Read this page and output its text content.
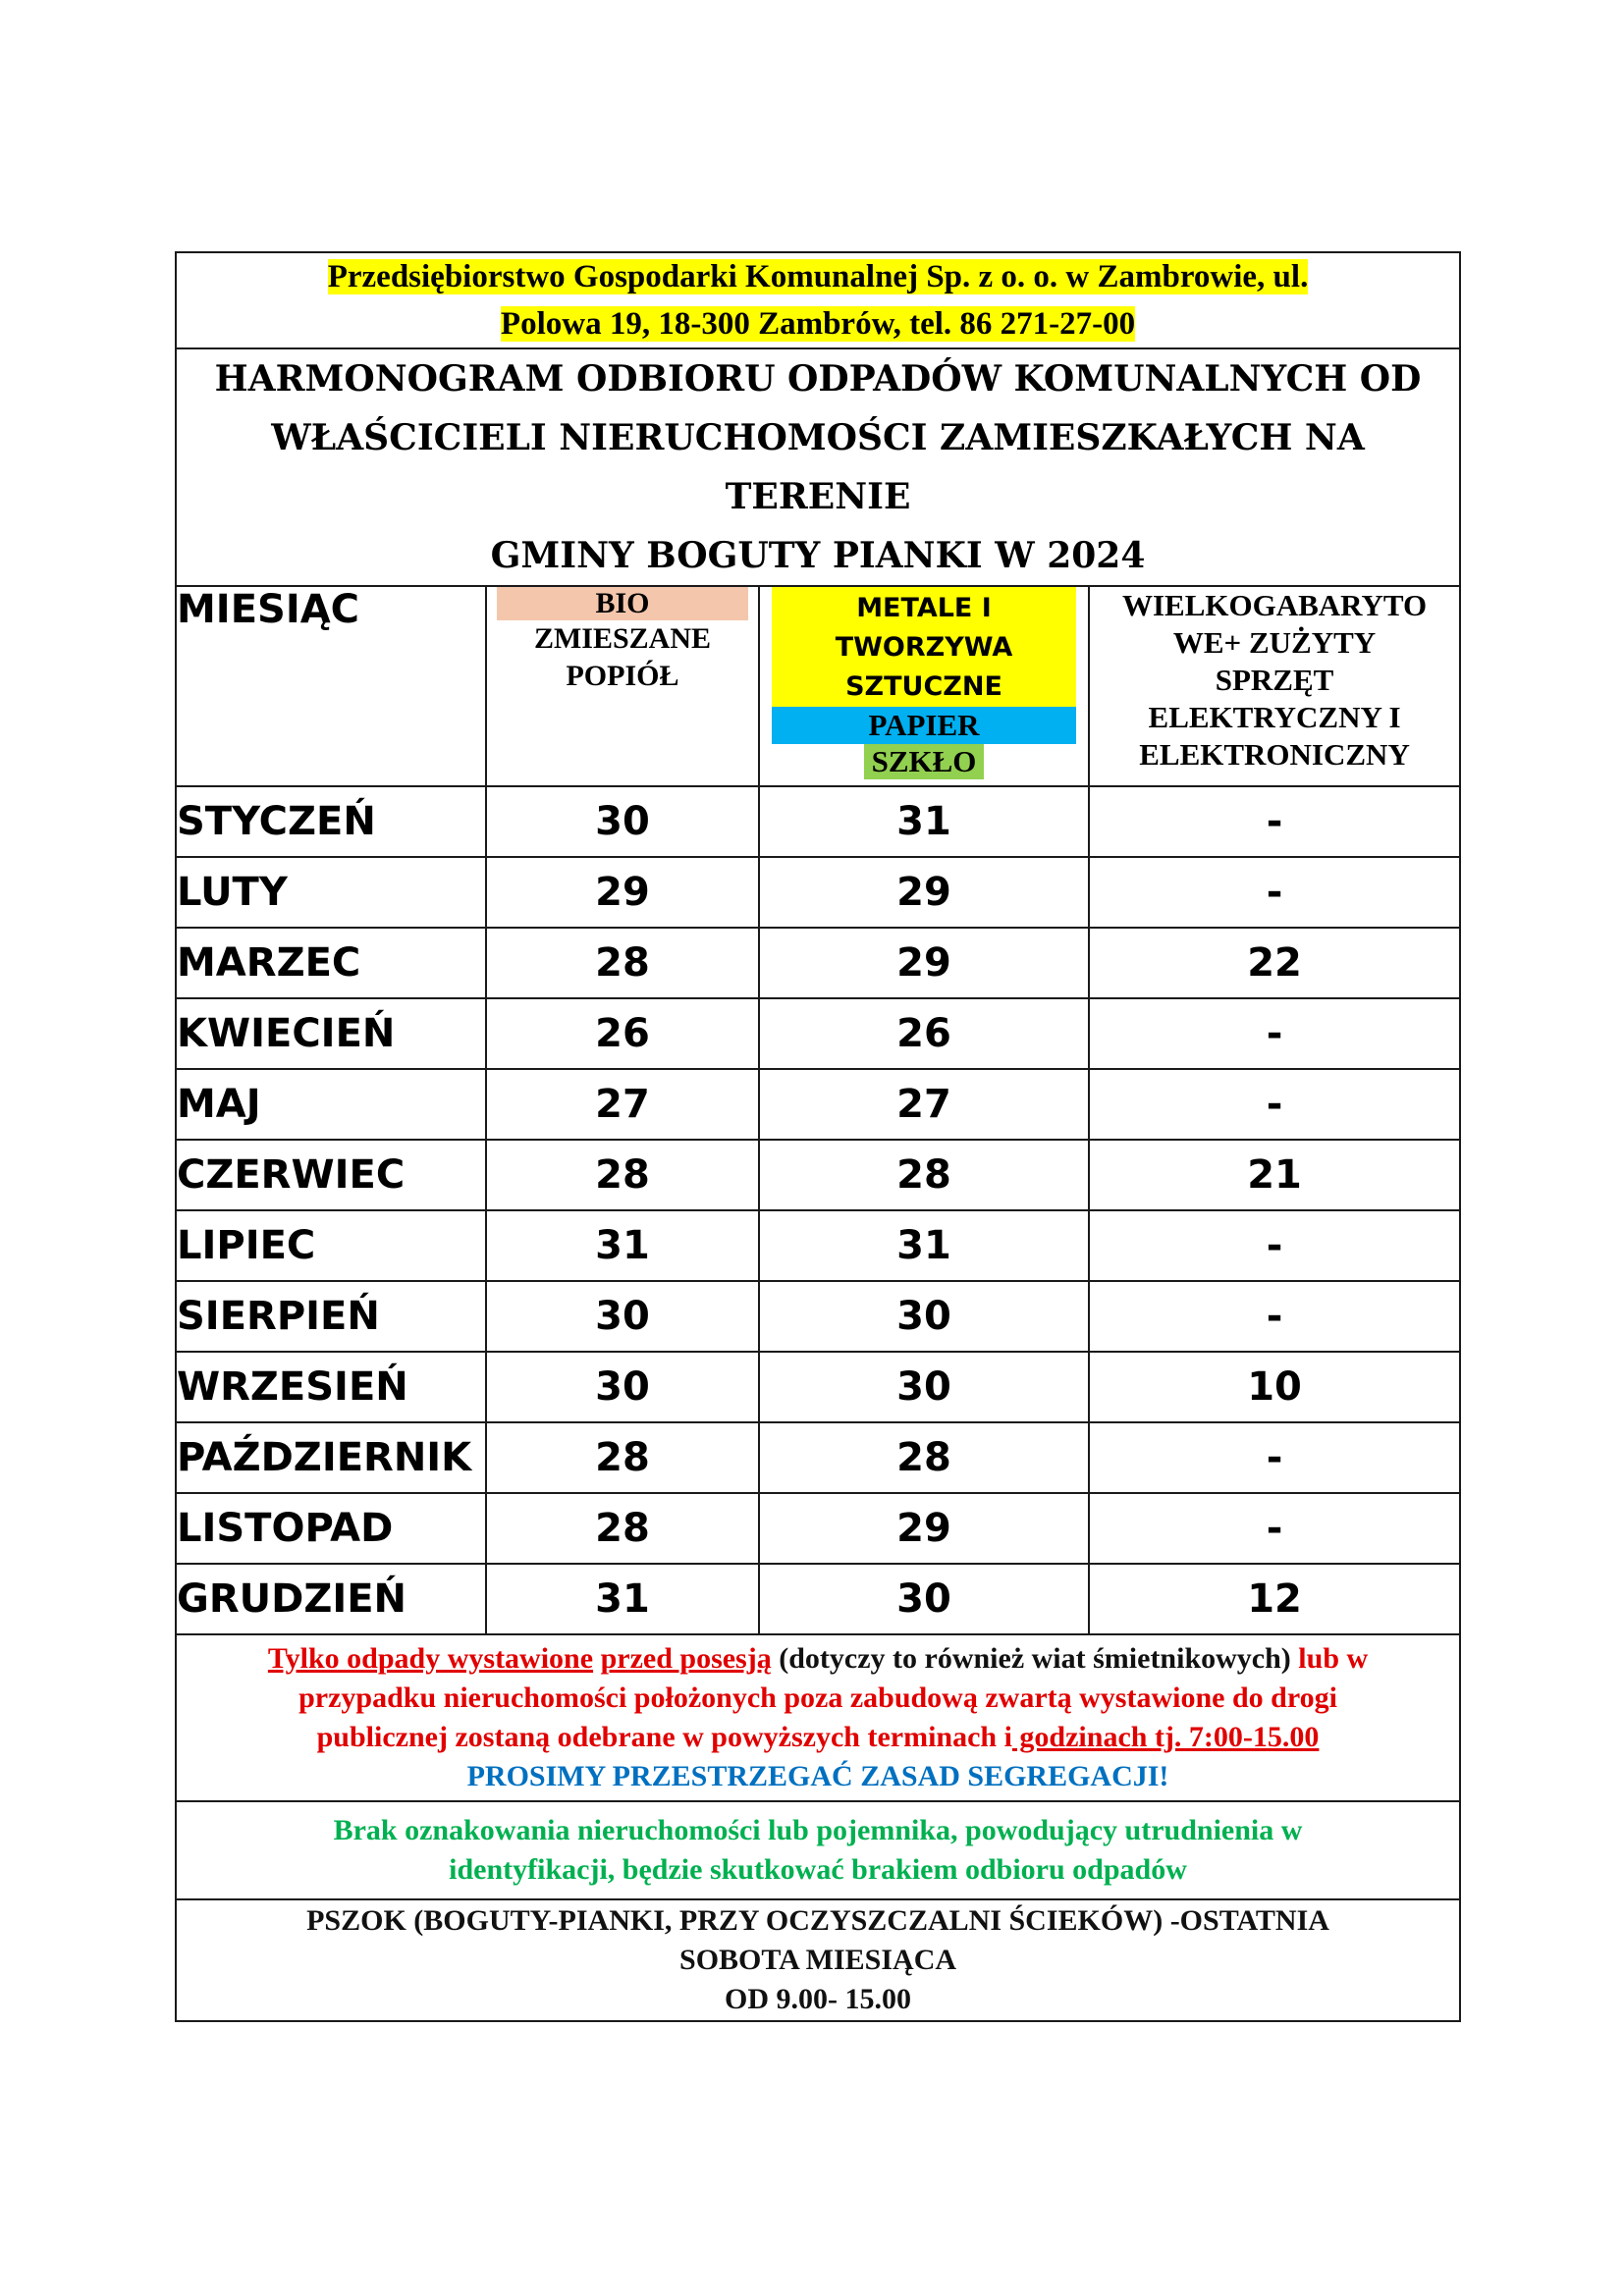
Przedsiębiorstwo Gospodarki Komunalnej Sp. z o. o. w Zambrowie, ul.
Polowa 19, 18-300 Zambrów, tel. 86 271-27-00			

HARMONOGRAM ODBIORU ODPADÓW KOMUNALNYCH OD
WŁAŚCICIELI NIERUCHOMOŚCI ZAMIESZKAŁYCH NA TERENIE
GMINY BOGUTY PIANKI W 2024			

MIESIĄC	BIO
ZMIESZANE
POPIÓŁ	METALE I
TWORZYWA
SZTUCZNE
PAPIER
SZKŁO	WIELKOGABARYTO
WE+ ZUŻYTY
SPRZĘT
ELEKTRYCZNY I
ELEKTRONICZNY

STYCZEŃ	30	31	-
LUTY	29	29	-
MARZEC	28	29	22
KWIECIEŃ	26	26	-
MAJ	27	27	-
CZERWIEC	28	28	21
LIPIEC	31	31	-
SIERPIEŃ	30	30	-
WRZESIEŃ	30	30	10
PAŹDZIERNIK	28	28	-
LISTOPAD	28	29	-
GRUDZIEŃ	31	30	12

Tylko odpady wystawione przed posesją (dotyczy to również wiat śmietnikowych) lub w
przypadku nieruchomości położonych poza zabudową zwartą wystawione do drogi
publicznej zostaną odebrane w powyższych terminach i godzinach tj. 7:00-15.00
PROSIMY PRZESTRZEGAĆ ZASAD SEGREGACJI!			

Brak oznakowania nieruchomości lub pojemnika, powodujący utrudnienia w
identyfikacji, będzie skutkować brakiem odbioru odpadów			

PSZOK (BOGUTY-PIANKI, PRZY OCZYSZCZALNI ŚCIEKÓW) -OSTATNIA
SOBOTA MIESIĄCA
OD 9.00- 15.00			
